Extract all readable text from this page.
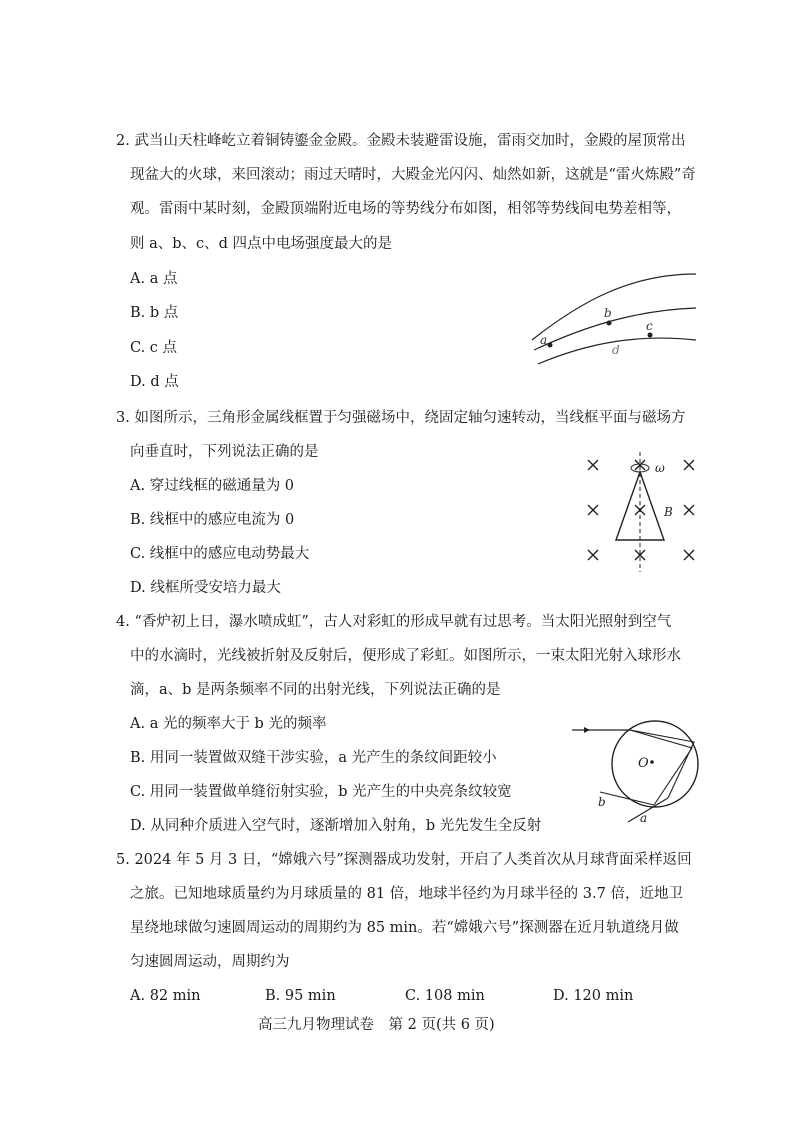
2. 武当山天柱峰屹立着铜铸鎏金金殿。金殿未装避雷设施，雷雨交加时，金殿的屋顶常出
现盆大的火球，来回滚动；雨过天晴时，大殿金光闪闪、灿然如新，这就是“雷火炼殿”奇
观。雷雨中某时刻，金殿顶端附近电场的等势线分布如图，相邻等势线间电势差相等，
则 a、b、c、d 四点中电场强度最大的是
A. a 点
B. b 点
C. c 点
D. d 点
a
b
c
d
3. 如图所示，三角形金属线框置于匀强磁场中，绕固定轴匀速转动，当线框平面与磁场方
向垂直时，下列说法正确的是
A. 穿过线框的磁通量为 0
B. 线框中的感应电流为 0
C. 线框中的感应电动势最大
D. 线框所受安培力最大
ω
B
4. “香炉初上日，瀑水喷成虹”，古人对彩虹的形成早就有过思考。当太阳光照射到空气
中的水滴时，光线被折射及反射后，便形成了彩虹。如图所示，一束太阳光射入球形水
滴，a、b 是两条频率不同的出射光线，下列说法正确的是
A. a 光的频率大于 b 光的频率
B. 用同一装置做双缝干涉实验，a 光产生的条纹间距较小
C. 用同一装置做单缝衍射实验，b 光产生的中央亮条纹较宽
D. 从同种介质进入空气时，逐渐增加入射角，b 光先发生全反射
O
b
a
5. 2024 年 5 月 3 日，“嫦娥六号”探测器成功发射，开启了人类首次从月球背面采样返回
之旅。已知地球质量约为月球质量的 81 倍，地球半径约为月球半径的 3.7 倍，近地卫
星绕地球做匀速圆周运动的周期约为 85 min。若“嫦娥六号”探测器在近月轨道绕月做
匀速圆周运动，周期约为
A. 82 min	B. 95 min	C. 108 min	D. 120 min
高三九月物理试卷　第 2 页(共 6 页)
